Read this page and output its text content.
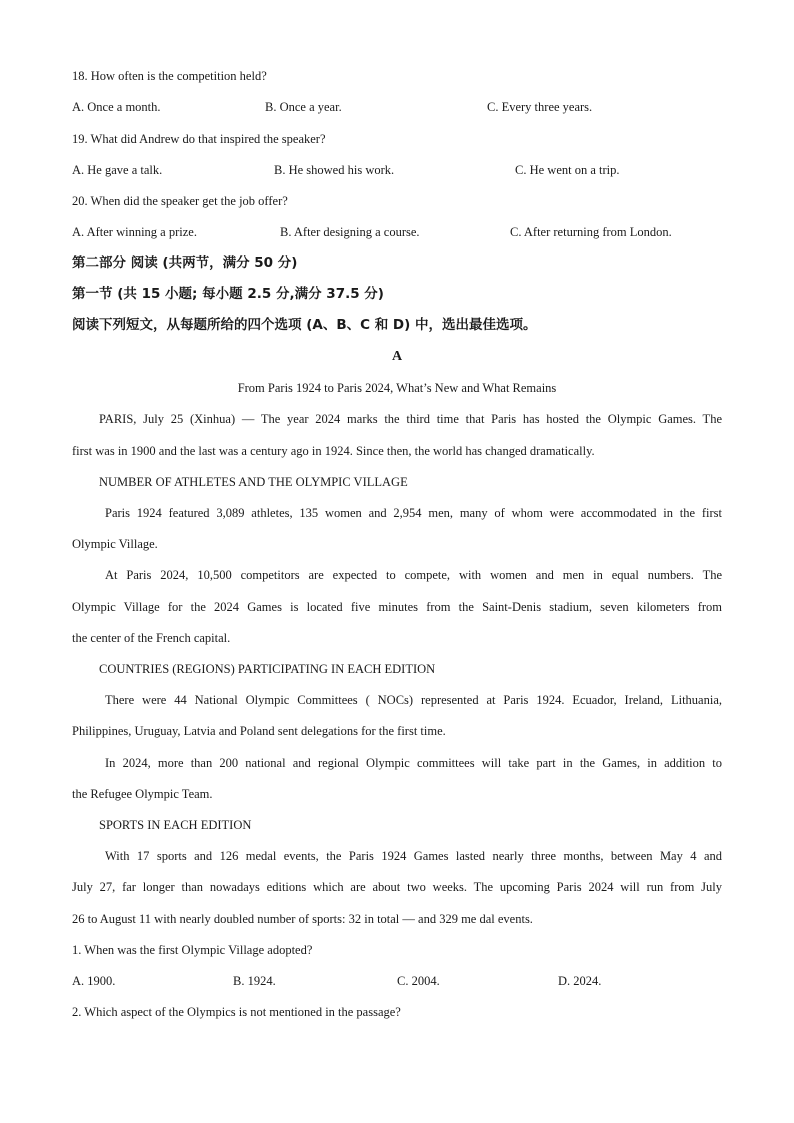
18. How often is the competition held?
A. Once a month.	B. Once a year.	C. Every three years.
19. What did Andrew do that inspired the speaker?
A. He gave a talk.	B. He showed his work.	C. He went on a trip.
20. When did the speaker get the job offer?
A. After winning a prize.	B. After designing a course.	C. After returning from London.
第二部分 阅读 (共两节，满分 50 分)
第一节 (共 15 小题; 每小题 2.5 分,满分 37.5 分)
阅读下列短文，从每题所给的四个选项 (A、B、C 和 D) 中，选出最佳选项。
A
From Paris 1924 to Paris 2024, What’s New and What Remains
PARIS, July 25 (Xinhua) — The year 2024 marks the third time that Paris has hosted the Olympic Games. The
first was in 1900 and the last was a century ago in 1924. Since then, the world has changed dramatically.
NUMBER OF ATHLETES AND THE OLYMPIC VILLAGE
Paris 1924 featured 3,089 athletes, 135 women and 2,954 men, many of whom were accommodated in the first
Olympic Village.
At Paris 2024, 10,500 competitors are expected to compete, with women and men in equal numbers. The
Olympic Village for the 2024 Games is located five minutes from the Saint-Denis stadium, seven kilometers from
the center of the French capital.
COUNTRIES (REGIONS) PARTICIPATING IN EACH EDITION
There were 44 National Olympic Committees ( NOCs) represented at Paris 1924. Ecuador, Ireland, Lithuania,
Philippines, Uruguay, Latvia and Poland sent delegations for the first time.
In 2024, more than 200 national and regional Olympic committees will take part in the Games, in addition to
the Refugee Olympic Team.
SPORTS IN EACH EDITION
With 17 sports and 126 medal events, the Paris 1924 Games lasted nearly three months, between May 4 and
July 27, far longer than nowadays editions which are about two weeks. The upcoming Paris 2024 will run from July
26 to August 11 with nearly doubled number of sports: 32 in total — and 329 me dal events.
1. When was the first Olympic Village adopted?
A. 1900.	B. 1924.	C. 2004.	D. 2024.
2. Which aspect of the Olympics is not mentioned in the passage?
